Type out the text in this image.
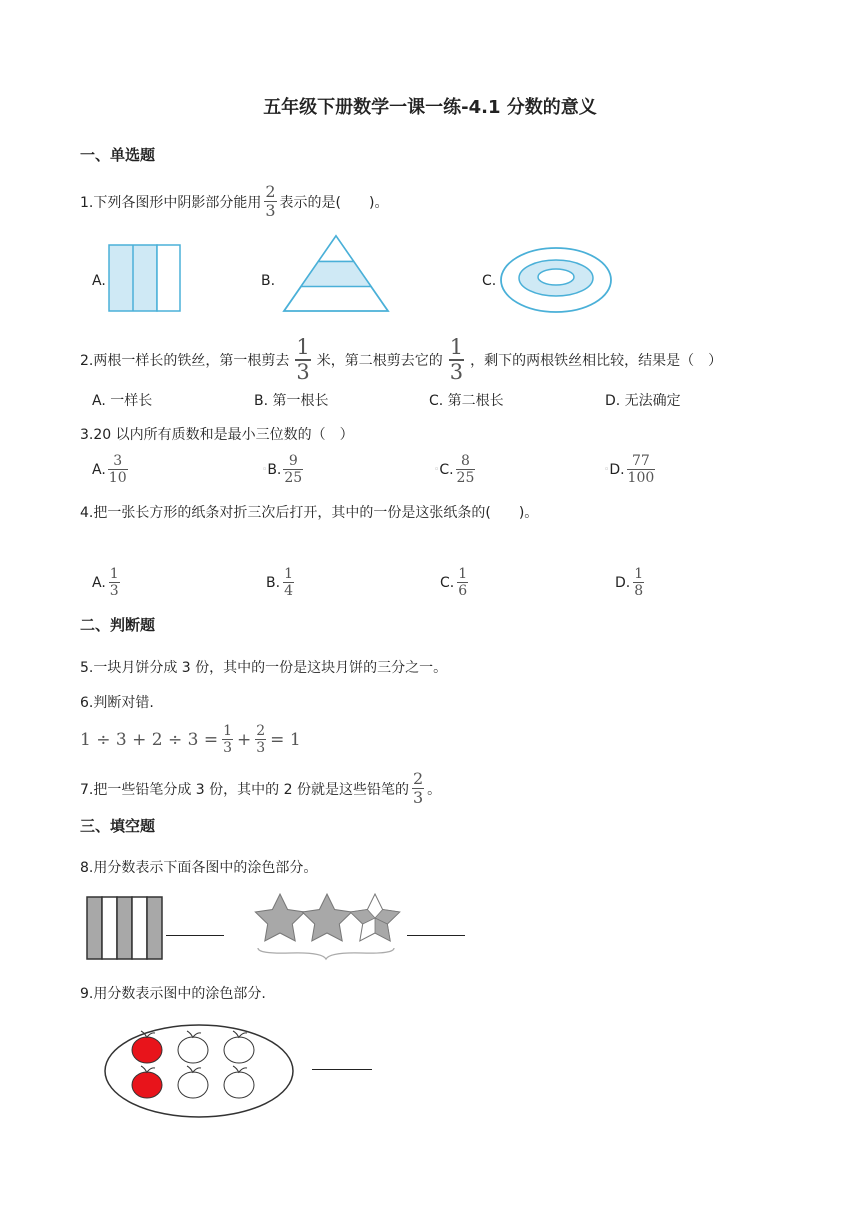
五年级下册数学一课一练-4.1 分数的意义
一、单选题
1.下列各图形中阴影部分能用 $\frac{2}{3}$ 表示的是(　　)。
A.	B.	C.
2.两根一样长的铁丝，第一根剪去 $\frac{1}{3}$ 米，第二根剪去它的 $\frac{1}{3}$ ，剩下的两根铁丝相比较，结果是（　）
A. 一样长	B. 第一根长	C. 第二根长	D. 无法确定
3.20 以内所有质数和是最小三位数的（　）
A. $\frac{3}{10}$	◦ B. $\frac{9}{25}$	◦ C. $\frac{8}{25}$	◦ D. $\frac{77}{100}$
4.把一张长方形的纸条对折三次后打开，其中的一份是这张纸条的(　　)。
A. $\frac{1}{3}$	B. $\frac{1}{4}$	C. $\frac{1}{6}$	D. $\frac{1}{8}$
二、判断题
5.一块月饼分成 3 份，其中的一份是这块月饼的三分之一。
6.判断对错.
$1 \div 3 + 2 \div 3 = \frac{1}{3} + \frac{2}{3} = 1$
7.把一些铅笔分成 3 份，其中的 2 份就是这些铅笔的 $\frac{2}{3}$ 。
三、填空题
8.用分数表示下面各图中的涂色部分。
9.用分数表示图中的涂色部分.
